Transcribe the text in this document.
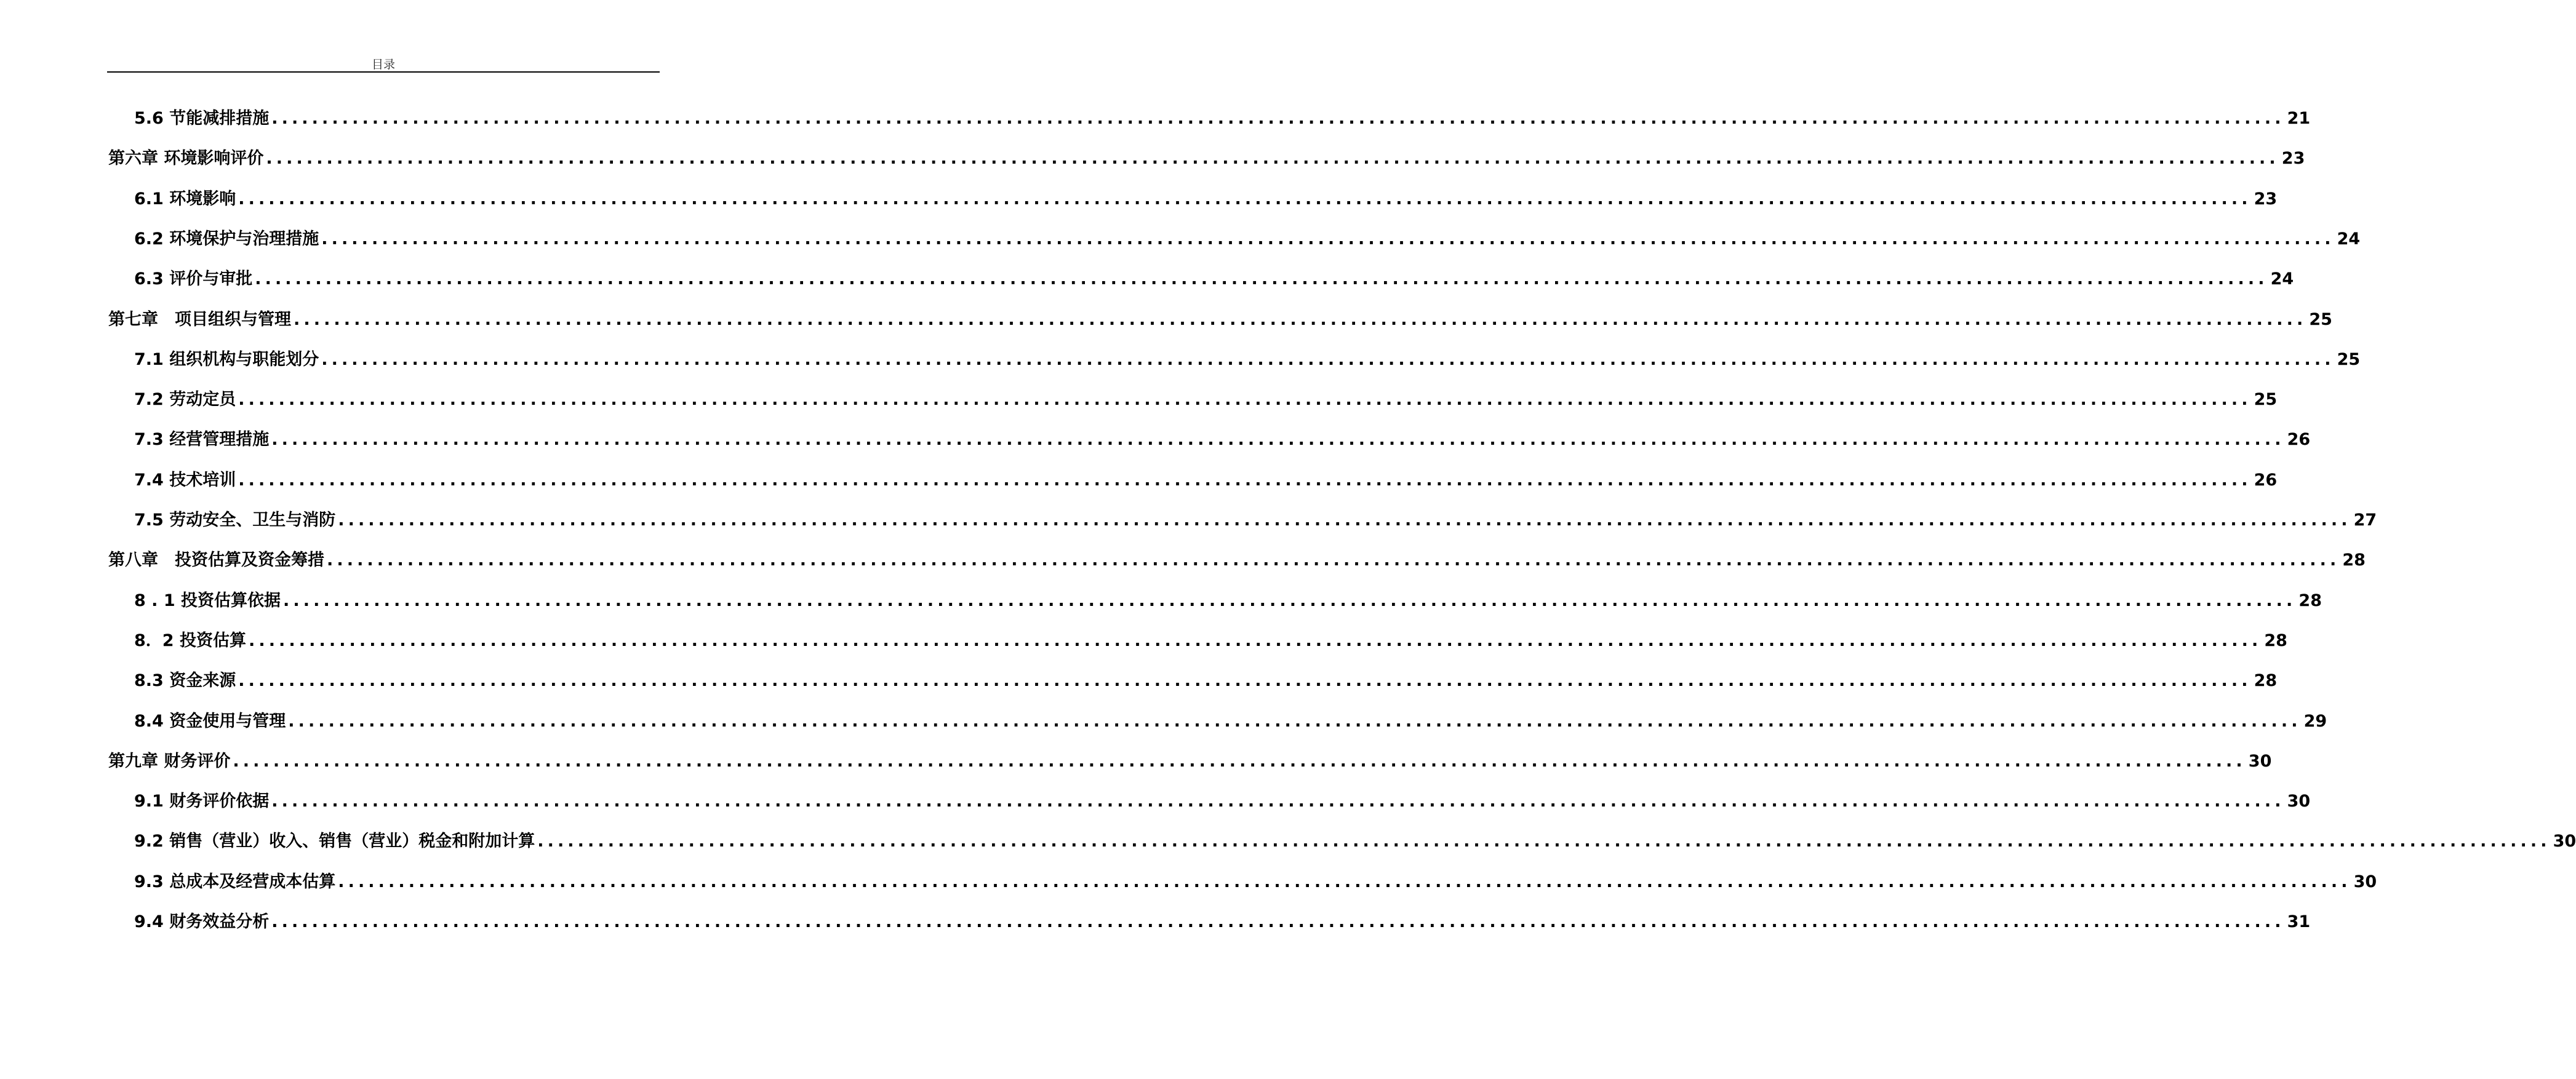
目录
5.6 节能减排措施 ........................................................................................................................................................................................................ 21
第六章 环境影响评价 ........................................................................................................................................................................................................ 23
6.1 环境影响 ........................................................................................................................................................................................................ 23
6.2 环境保护与治理措施 ........................................................................................................................................................................................................ 24
6.3 评价与审批 ........................................................................................................................................................................................................ 24
第七章　项目组织与管理 ........................................................................................................................................................................................................ 25
7.1 组织机构与职能划分 ........................................................................................................................................................................................................ 25
7.2 劳动定员 ........................................................................................................................................................................................................ 25
7.3 经营管理措施 ........................................................................................................................................................................................................ 26
7.4 技术培训 ........................................................................................................................................................................................................ 26
7.5 劳动安全、卫生与消防 ........................................................................................................................................................................................................ 27
第八章　投资估算及资金筹措 ........................................................................................................................................................................................................ 28
8 . 1 投资估算依据 ........................................................................................................................................................................................................ 28
8．2 投资估算 ........................................................................................................................................................................................................ 28
8.3 资金来源 ........................................................................................................................................................................................................ 28
8.4 资金使用与管理 ........................................................................................................................................................................................................ 29
第九章 财务评价 ........................................................................................................................................................................................................ 30
9.1 财务评价依据 ........................................................................................................................................................................................................ 30
9.2 销售（营业）收入、销售（营业）税金和附加计算 ........................................................................................................................................................................................................ 30
9.3 总成本及经营成本估算 ........................................................................................................................................................................................................ 30
9.4 财务效益分析 ........................................................................................................................................................................................................ 31
